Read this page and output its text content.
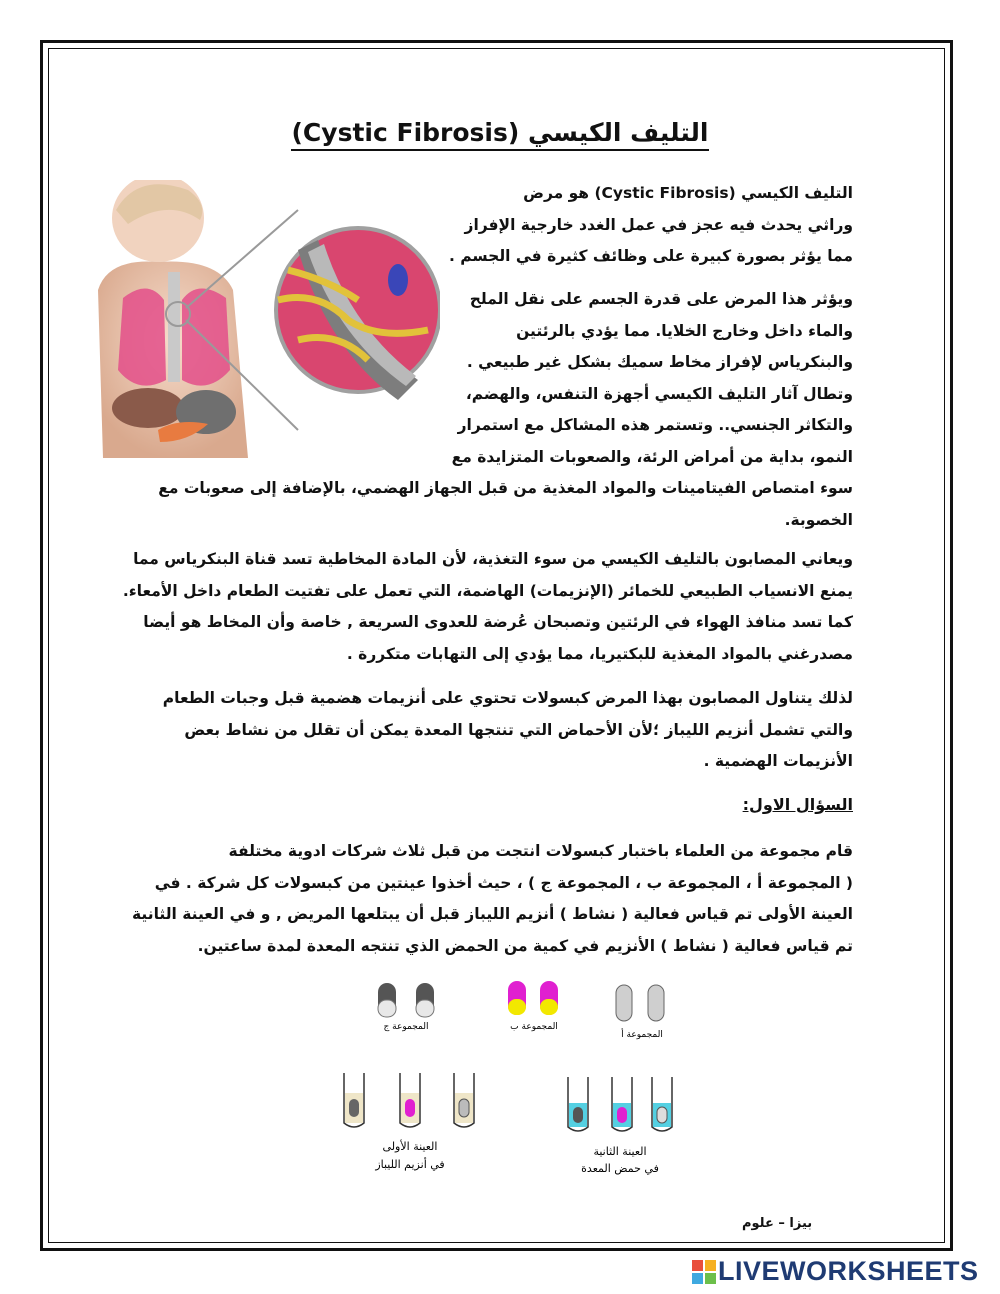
التليف الكيسي (Cystic Fibrosis)
التليف الكيسي (Cystic Fibrosis) هو مرض
وراثي يحدث فيه عجز في عمل الغدد خارجية الإفراز
مما يؤثر بصورة كبيرة على وظائف كثيرة في الجسم .
ويؤثر هذا المرض على قدرة الجسم على نقل الملح
والماء داخل وخارج الخلايا. مما يؤدي بالرئتين
والبنكرياس لإفراز مخاط سميك بشكل غير طبيعي .
وتطال آثار التليف الكيسي أجهزة التنفس، والهضم،
والتكاثر الجنسي.. وتستمر هذه المشاكل مع استمرار
النمو، بداية من أمراض الرئة، والصعوبات المتزايدة مع
سوء امتصاص الفيتامينات والمواد المغذية من قبل الجهاز الهضمي، بالإضافة إلى صعوبات مع
الخصوبة.
ويعاني المصابون بالتليف الكيسي من سوء التغذية، لأن المادة المخاطية تسد قناة البنكرياس مما
يمنع الانسياب الطبيعي للخمائر (الإنزيمات) الهاضمة، التي تعمل على تفتيت الطعام داخل الأمعاء.
كما تسد منافذ الهواء في الرئتين وتصبحان عُرضة للعدوى السريعة , خاصة وأن المخاط هو أيضا
مصدرغني بالمواد المغذية للبكتيريا، مما يؤدي إلى التهابات متكررة .
لذلك يتناول المصابون بهذا المرض كبسولات تحتوي على أنزيمات هضمية قبل وجبات الطعام
والتي تشمل أنزيم الليباز ؛لأن الأحماض التي تنتجها المعدة يمكن أن تقلل من نشاط بعض
الأنزيمات الهضمية .
السؤال الاول:
قام مجموعة من العلماء باختبار كبسولات انتجت من قبل ثلاث شركات ادوية مختلفة
( المجموعة أ ، المجموعة ب ، المجموعة ج ) ، حيث أخذوا عينتين من كبسولات كل شركة . في
العينة الأولى تم قياس فعالية ( نشاط ) أنزيم الليباز قبل أن يبتلعها المريض , و في العينة الثانية
تم قياس فعالية ( نشاط ) الأنزيم في كمية من الحمض الذي تنتجه المعدة لمدة ساعتين.
المجموعة ج	المجموعة ب
المجموعة أ
العينة الأولى
في أنزيم الليباز
العينة الثانية
في حمض المعدة
بيزا – علوم
LIVEWORKSHEETS
